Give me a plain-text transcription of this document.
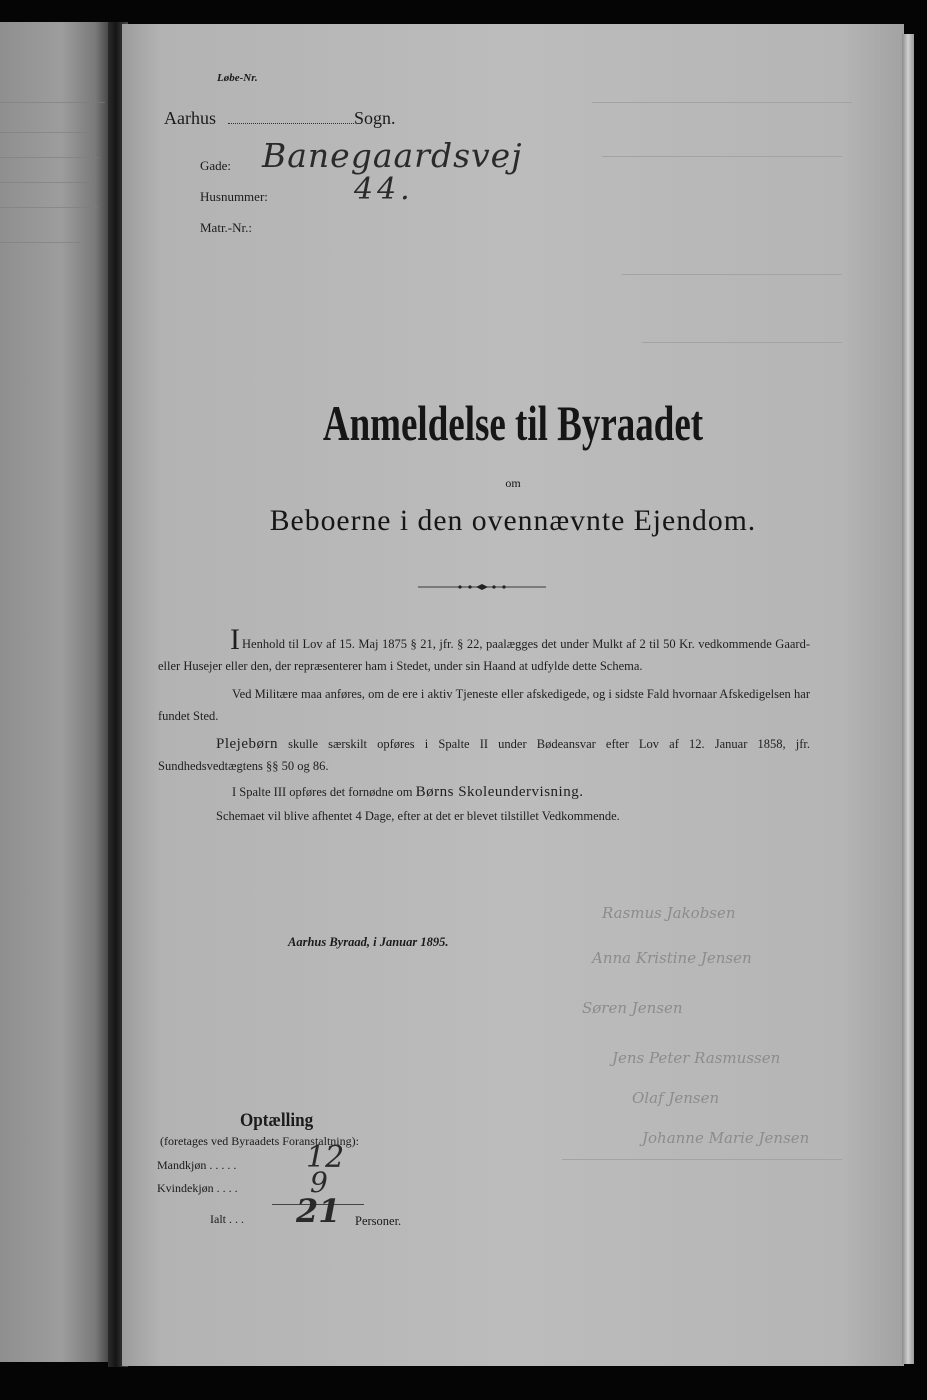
Rasmus Jakobsen
Anna Kristine Jensen
Søren Jensen
Jens Peter Rasmussen
Olaf Jensen
Johanne Marie Jensen
Løbe-Nr.
Aarhus	Sogn.
Gade: Banegaardsvej
Husnummer:	44.
Matr.-Nr.:
Anmeldelse til Byraadet
om
Beboerne i den ovennævnte Ejendom.

I Henhold til Lov af 15. Maj 1875 § 21, jfr. § 22, paalægges det under Mulkt af 2 til 50 Kr. vedkommende Gaard- eller Husejer eller den, der repræsenterer ham i Stedet, under sin Haand at udfylde dette Schema.

Ved Militære maa anføres, om de ere i aktiv Tjeneste eller afskedigede, og i sidste Fald hvornaar Afskedigelsen har fundet Sted.

Plejebørn skulle særskilt opføres i Spalte II under Bødeansvar efter Lov af 12. Januar 1858, jfr. Sundhedsvedtægtens §§ 50 og 86.

I Spalte III opføres det fornødne om Børns Skoleundervisning.

Schemaet vil blive afhentet 4 Dage, efter at det er blevet tilstillet Vedkommende.

Aarhus Byraad, i Januar 1895.
Optælling
(foretages ved Byraadets Foranstaltning):
Mandkjøn . . . . . 12
Kvindekjøn . . . .	9
Ialt . . . 21 Personer.
